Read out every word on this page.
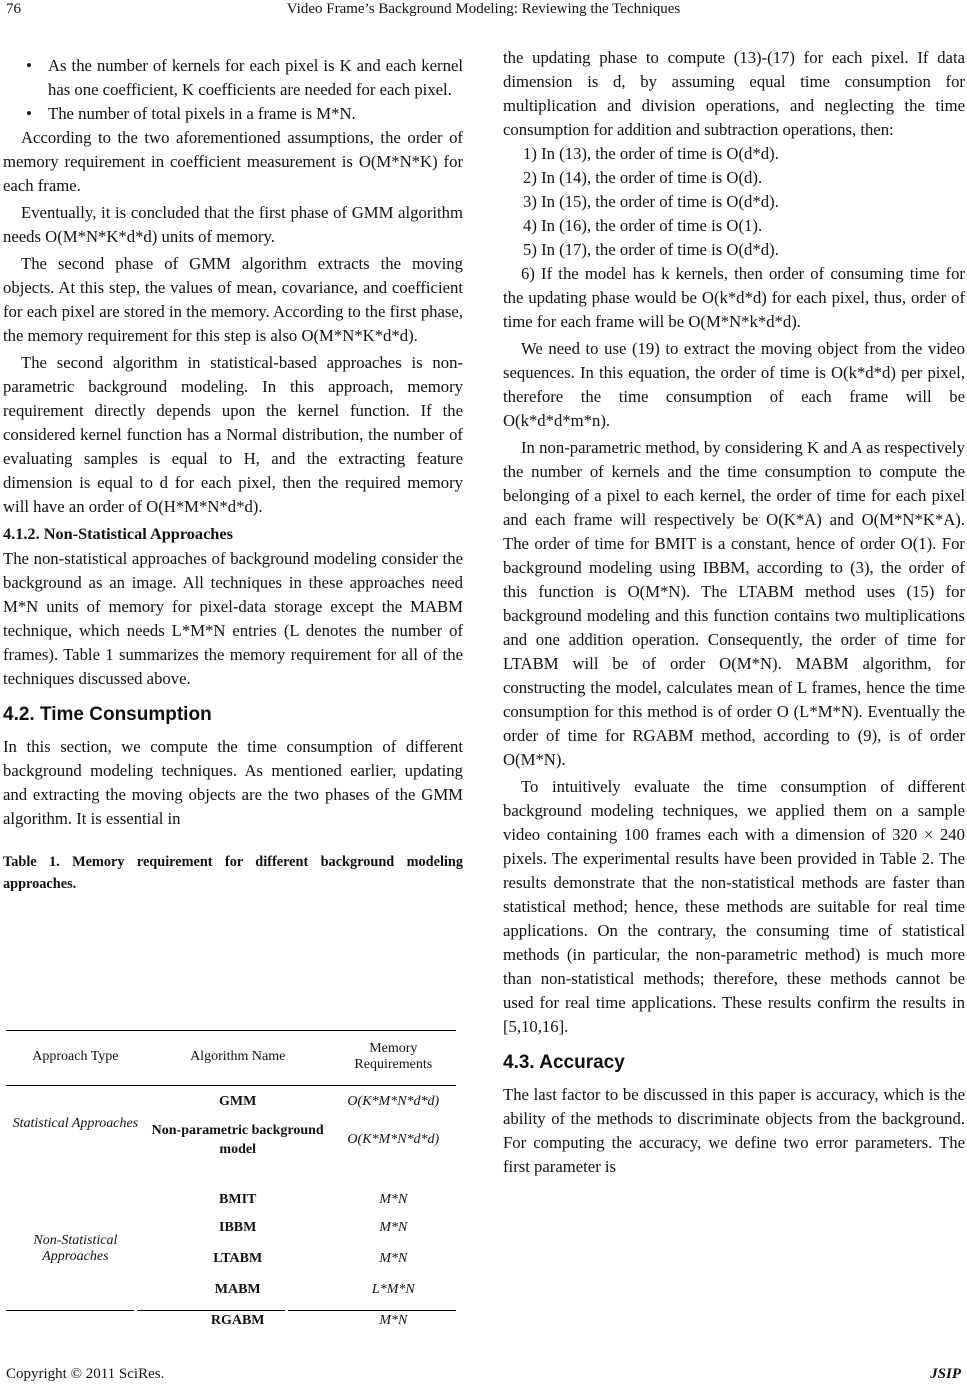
76	Video Frame’s Background Modeling: Reviewing the Techniques
• As the number of kernels for each pixel is K and each kernel has one coefficient, K coefficients are needed for each pixel.
• The number of total pixels in a frame is M*N.

According to the two aforementioned assumptions, the order of memory requirement in coefficient measurement is O(M*N*K) for each frame.

Eventually, it is concluded that the first phase of GMM algorithm needs O(M*N*K*d*d) units of memory.

The second phase of GMM algorithm extracts the moving objects. At this step, the values of mean, covariance, and coefficient for each pixel are stored in the memory. According to the first phase, the memory requirement for this step is also O(M*N*K*d*d).

The second algorithm in statistical-based approaches is non-parametric background modeling. In this approach, memory requirement directly depends upon the kernel function. If the considered kernel function has a Normal distribution, the number of evaluating samples is equal to H, and the extracting feature dimension is equal to d for each pixel, then the required memory will have an order of O(H*M*N*d*d).

4.1.2. Non-Statistical Approaches

The non-statistical approaches of background modeling consider the background as an image. All techniques in these approaches need M*N units of memory for pixel-data storage except the MABM technique, which needs L*M*N entries (L denotes the number of frames). Table 1 summarizes the memory requirement for all of the techniques discussed above.

4.2. Time Consumption

In this section, we compute the time consumption of different background modeling techniques. As mentioned earlier, updating and extracting the moving objects are the two phases of the GMM algorithm. It is essential in

Table 1. Memory requirement for different background modeling approaches.
Approach Type	Algorithm Name	Memory Requirements
Statistical Approaches	GMM	O(K*M*N*d*d)
	Non-parametric background model	O(K*M*N*d*d)
Non-Statistical Approaches	BMIT	M*N
	IBBM	M*N
	LTABM	M*N
	MABM	L*M*N
	RGABM	M*N

the updating phase to compute (13)-(17) for each pixel. If data dimension is d, by assuming equal time consumption for multiplication and division operations, and neglecting the time consumption for addition and subtraction operations, then:

1) In (13), the order of time is O(d*d).

2) In (14), the order of time is O(d).

3) In (15), the order of time is O(d*d).

4) In (16), the order of time is O(1).

5) In (17), the order of time is O(d*d).

6) If the model has k kernels, then order of consuming time for the updating phase would be O(k*d*d) for each pixel, thus, order of time for each frame will be O(M*N*k*d*d).

We need to use (19) to extract the moving object from the video sequences. In this equation, the order of time is O(k*d*d) per pixel, therefore the time consumption of each frame will be O(k*d*d*m*n).

In non-parametric method, by considering K and A as respectively the number of kernels and the time consumption to compute the belonging of a pixel to each kernel, the order of time for each pixel and each frame will respectively be O(K*A) and O(M*N*K*A). The order of time for BMIT is a constant, hence of order O(1). For background modeling using IBBM, according to (3), the order of this function is O(M*N). The LTABM method uses (15) for background modeling and this function contains two multiplications and one addition operation. Consequently, the order of time for LTABM will be of order O(M*N). MABM algorithm, for constructing the model, calculates mean of L frames, hence the time consumption for this method is of order O (L*M*N). Eventually the order of time for RGABM method, according to (9), is of order O(M*N).

To intuitively evaluate the time consumption of different background modeling techniques, we applied them on a sample video containing 100 frames each with a dimension of 320 × 240 pixels. The experimental results have been provided in Table 2. The results demonstrate that the non-statistical methods are faster than statistical method; hence, these methods are suitable for real time applications. On the contrary, the consuming time of statistical methods (in particular, the non-parametric method) is much more than non-statistical methods; therefore, these methods cannot be used for real time applications. These results confirm the results in [5,10,16].

4.3. Accuracy

The last factor to be discussed in this paper is accuracy, which is the ability of the methods to discriminate objects from the background. For computing the accuracy, we define two error parameters. The first parameter is

Copyright © 2011 SciRes.	JSIP
